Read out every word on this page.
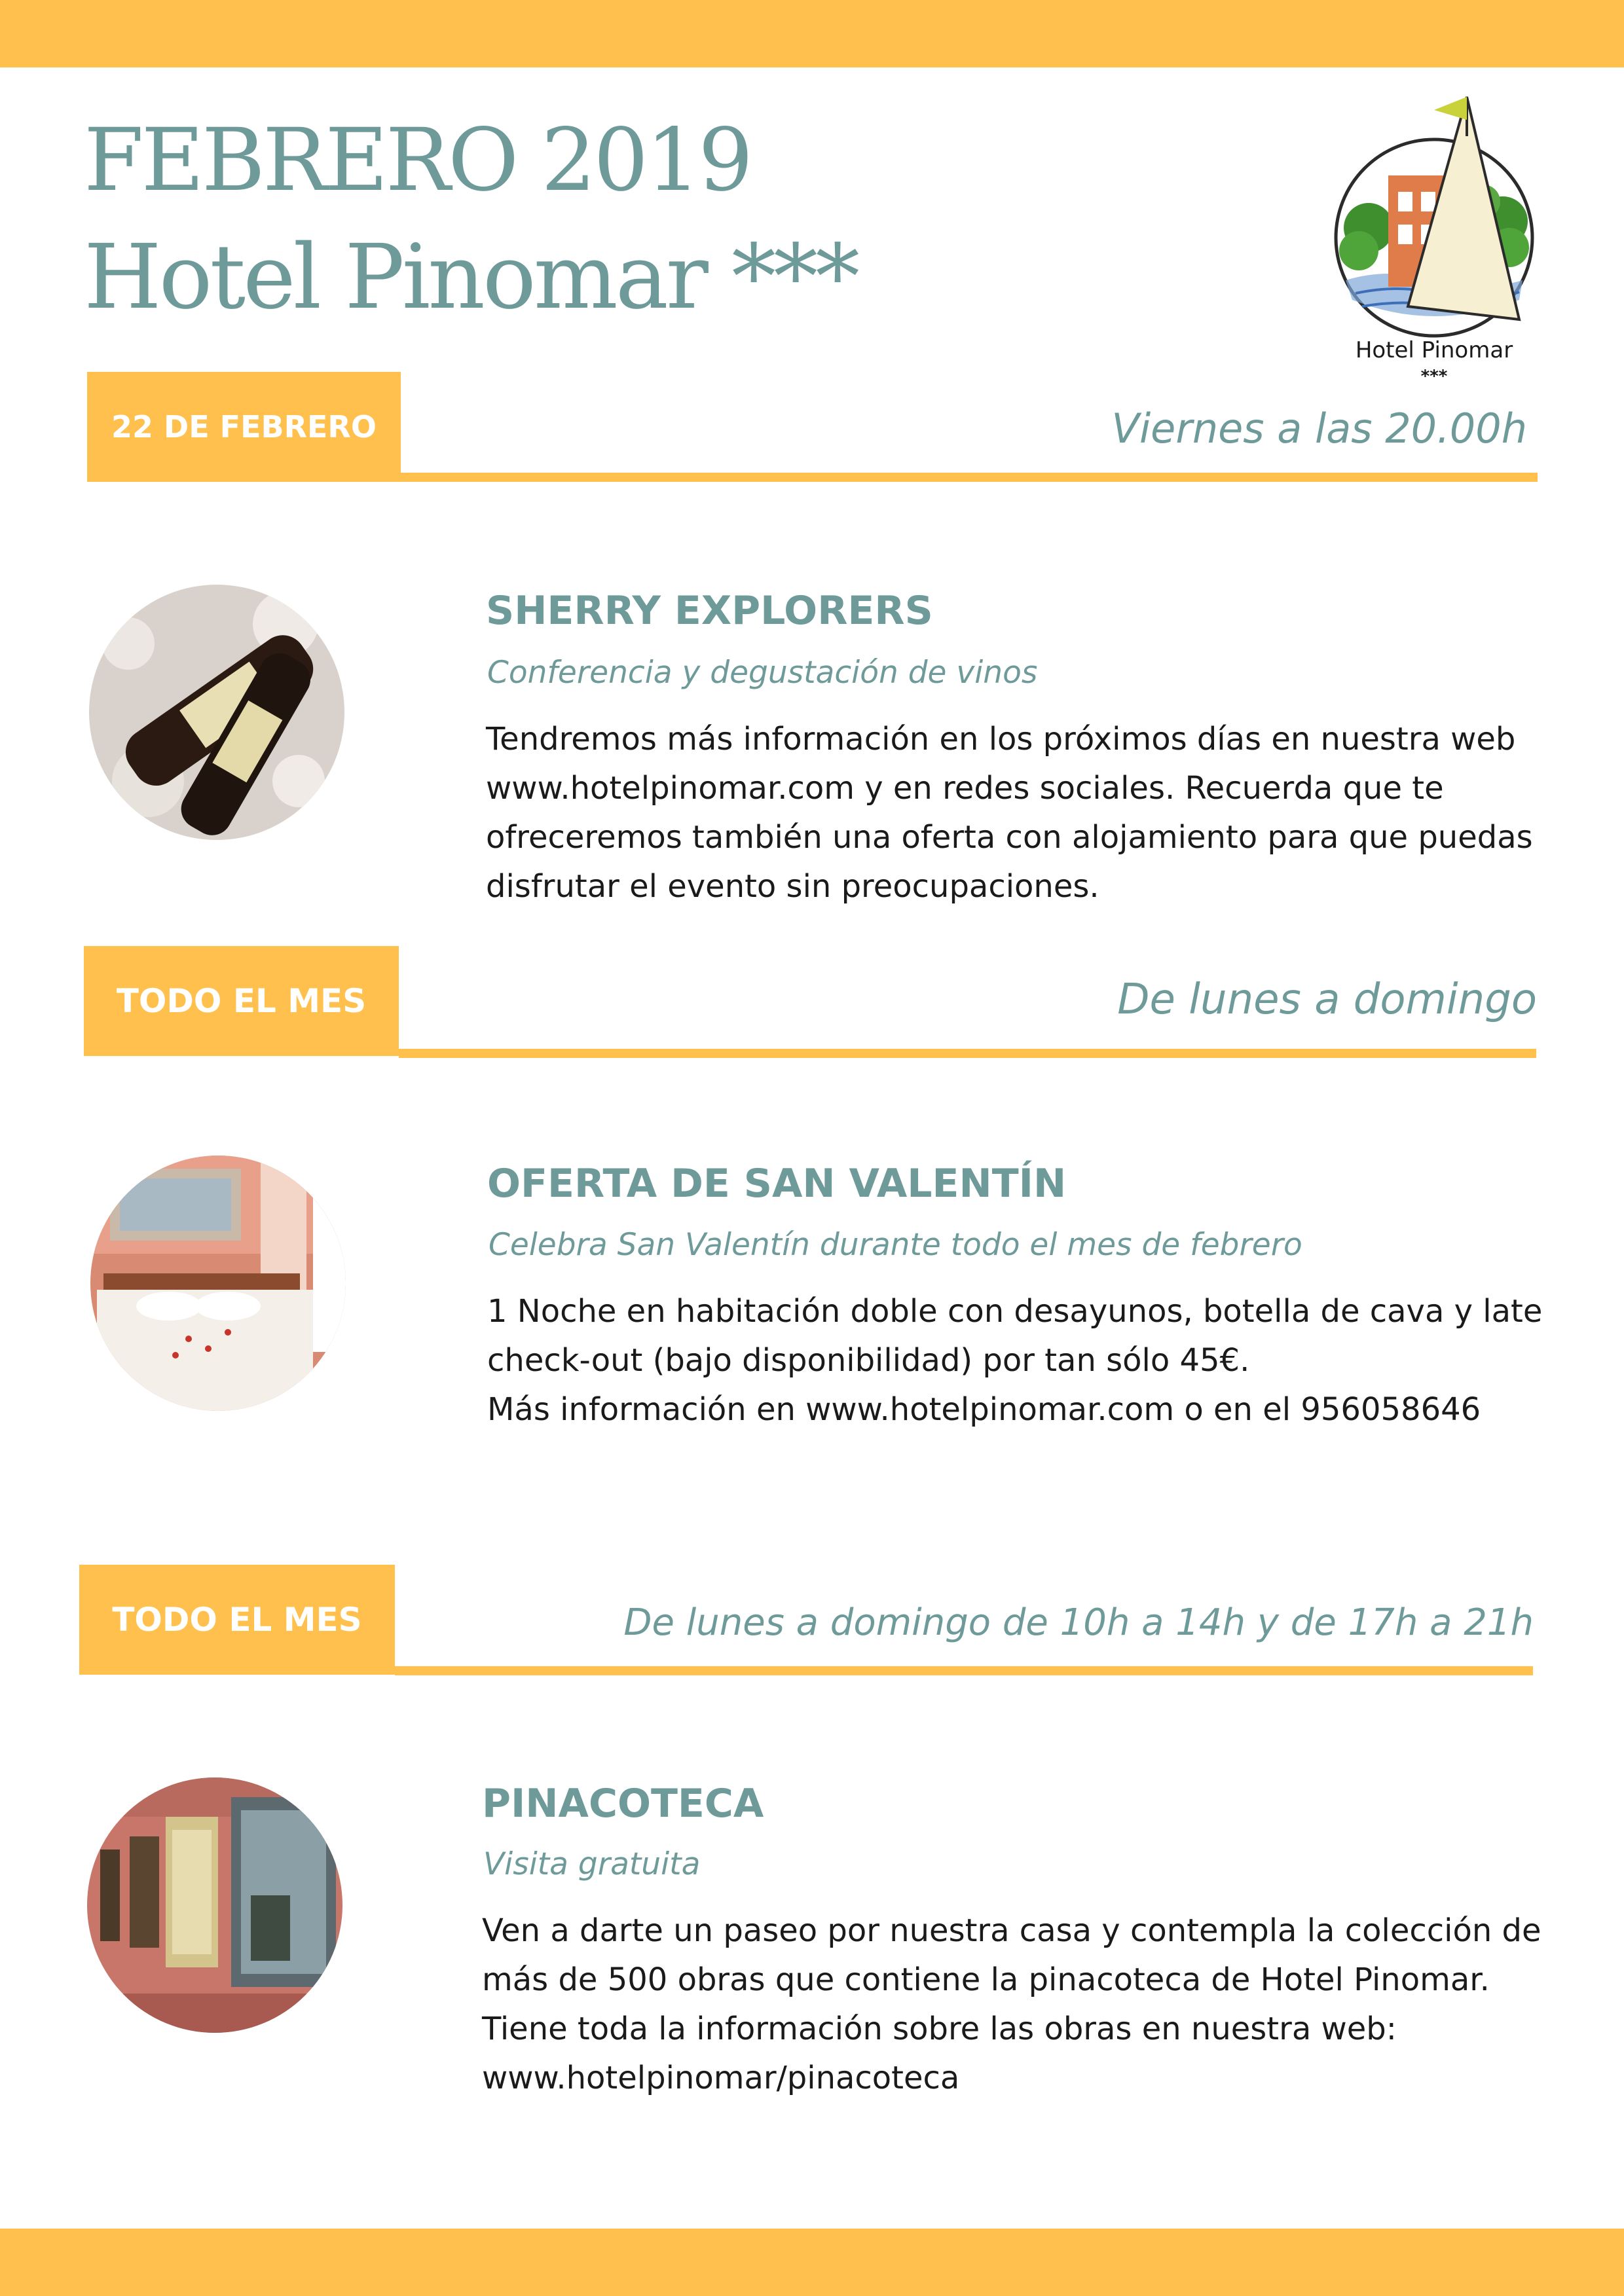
FEBRERO 2019
Hotel Pinomar ***
Hotel Pinomar
***
22 DE FEBRERO	Viernes a las 20.00h
SHERRY EXPLORERS
Conferencia y degustación de vinos
Tendremos más información en los próximos días en nuestra web
www.hotelpinomar.com y en redes sociales. Recuerda que te
ofreceremos también una oferta con alojamiento para que puedas
disfrutar el evento sin preocupaciones.
TODO EL MES	De lunes a domingo
OFERTA DE SAN VALENTÍN
Celebra San Valentín durante todo el mes de febrero
1 Noche en habitación doble con desayunos, botella de cava y late
check-out (bajo disponibilidad) por tan sólo 45€.
Más información en www.hotelpinomar.com o en el 956058646
TODO EL MES	De lunes a domingo de 10h a 14h y de 17h a 21h
PINACOTECA
Visita gratuita
Ven a darte un paseo por nuestra casa y contempla la colección de
más de 500 obras que contiene la pinacoteca de Hotel Pinomar.
Tiene toda la información sobre las obras en nuestra web:
www.hotelpinomar/pinacoteca
